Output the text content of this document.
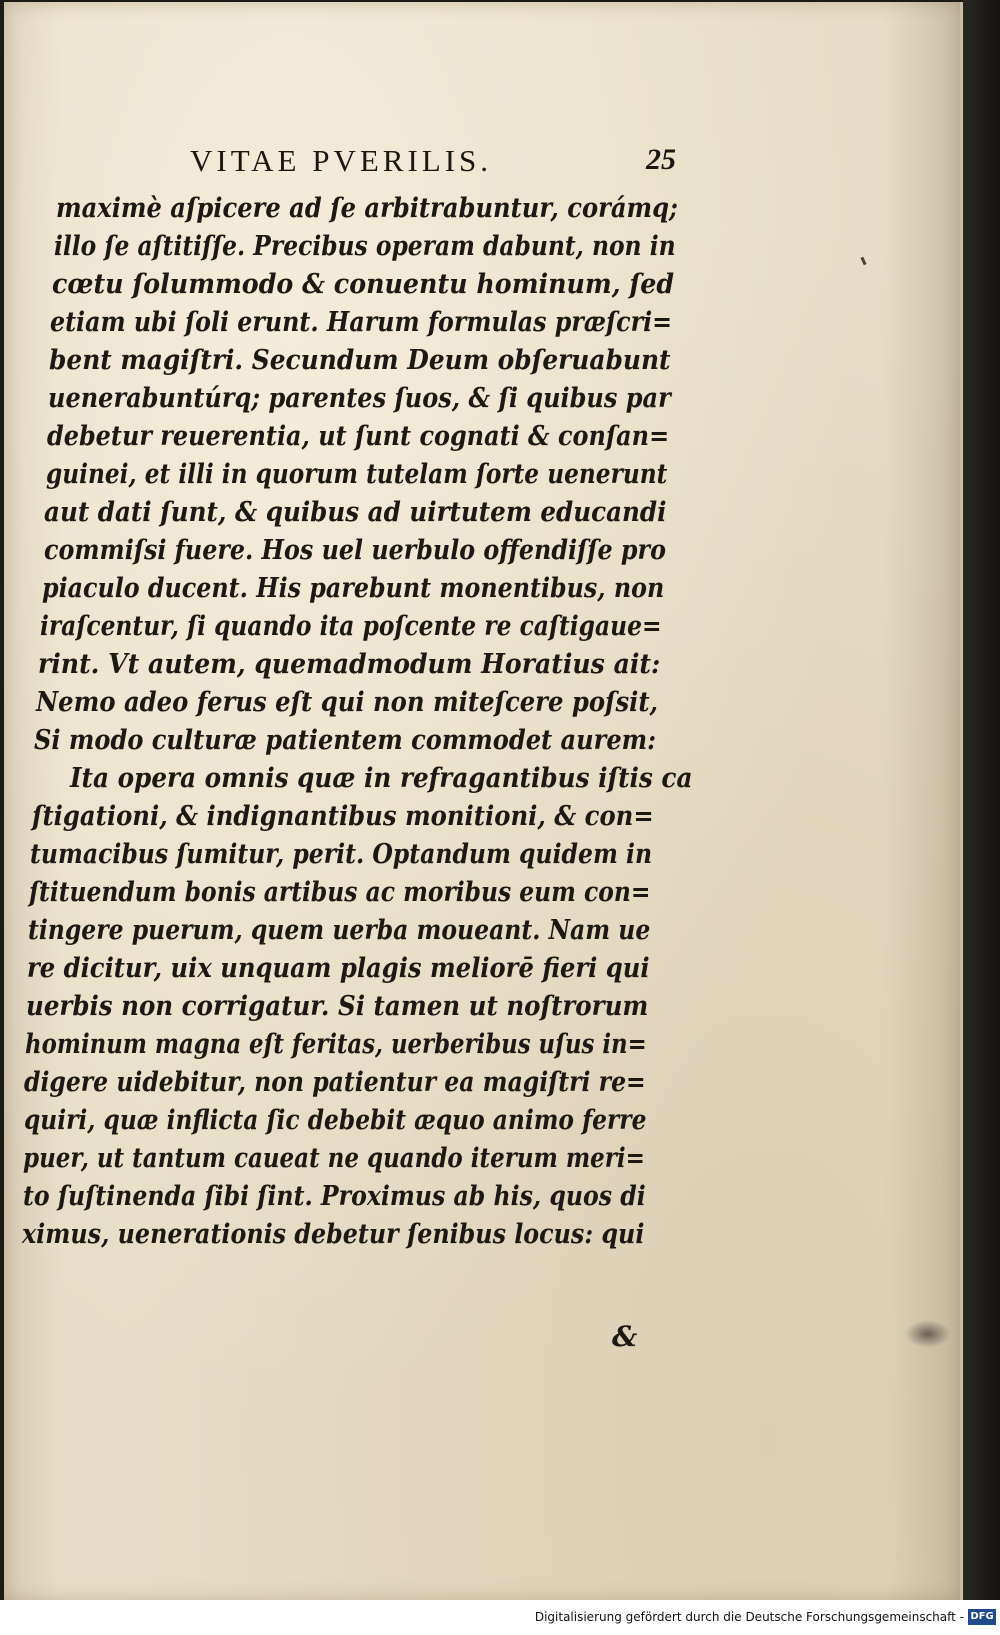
VITAE PVERILIS.	25
maximè aſpicere ad ſe arbitrabuntur, corámq;
illo ſe aſtitiſſe. Precibus operam dabunt, non in
cœtu ſolummodo & conuentu hominum, ſed
etiam ubi ſoli erunt. Harum formulas præſcri=
bent magiſtri. Secundum Deum obſeruabunt
uenerabuntúrq; parentes ſuos, & ſi quibus par
debetur reuerentia, ut ſunt cognati & conſan=
guinei, et illi in quorum tutelam ſorte uenerunt
aut dati ſunt, & quibus ad uirtutem educandi
commiſsi fuere. Hos uel uerbulo offendiſſe pro
piaculo ducent. His parebunt monentibus, non
iraſcentur, ſi quando ita poſcente re caſtigaue=
rint. Vt autem, quemadmodum Horatius ait:
Nemo adeo ferus eſt qui non miteſcere poſsit,
Si modo culturæ patientem commodet aurem:
Ita opera omnis quæ in refragantibus iſtis ca
ſtigationi, & indignantibus monitioni, & con=
tumacibus ſumitur, perit. Optandum quidem in
ſtituendum bonis artibus ac moribus eum con=
tingere puerum, quem uerba moueant. Nam ue
re dicitur, uix unquam plagis meliorē fieri qui
uerbis non corrigatur. Si tamen ut noſtrorum
hominum magna eſt feritas, uerberibus uſus in=
digere uidebitur, non patientur ea magiſtri re=
quiri, quæ inflicta ſic debebit æquo animo ferre
puer, ut tantum caueat ne quando iterum meri=
to ſuſtinenda ſibi ſint. Proximus ab his, quos di
ximus, uenerationis debetur ſenibus locus: qui
&
Digitalisierung gefördert durch die Deutsche Forschungsgemeinschaft - DFG
